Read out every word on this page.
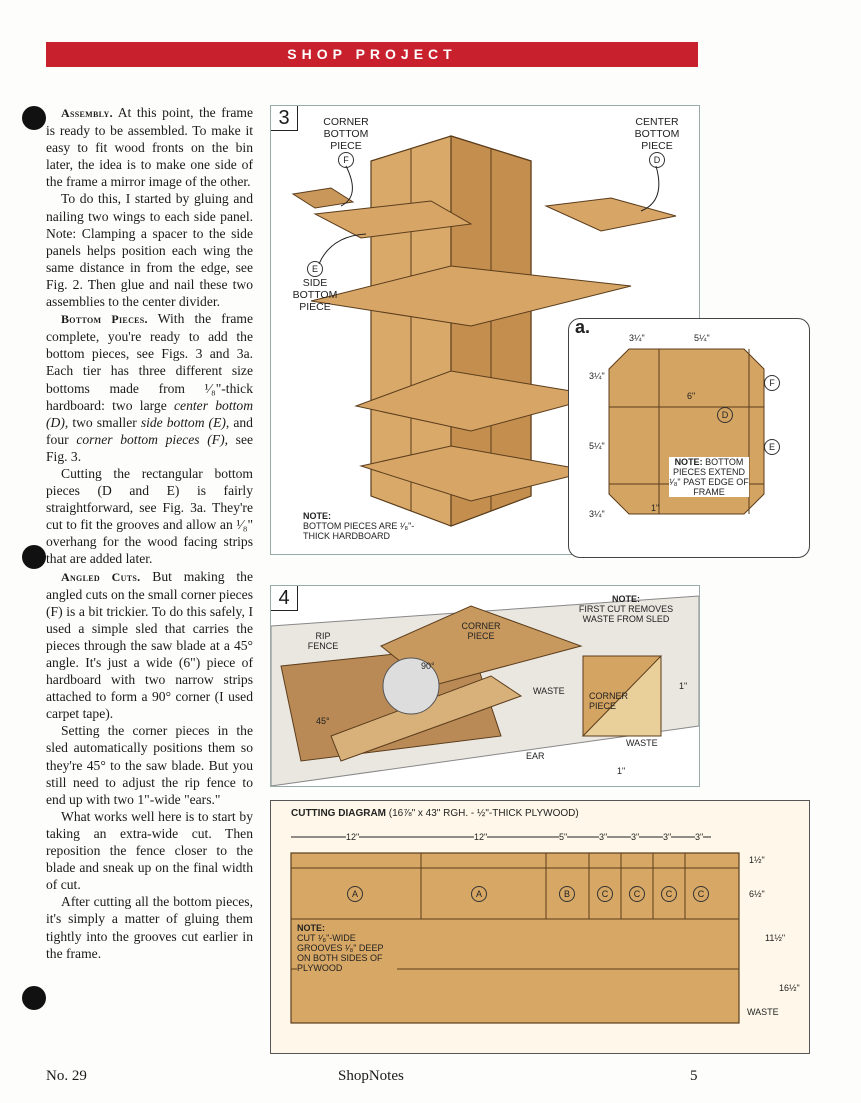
SHOP PROJECT

Assembly. At this point, the frame is ready to be assembled. To make it easy to fit wood fronts on the bin later, the idea is to make one side of the frame a mirror image of the other.

To do this, I started by gluing and nailing two wings to each side panel. Note: Clamping a spacer to the side panels helps position each wing the same distance in from the edge, see Fig. 2. Then glue and nail these two assemblies to the center divider.

Bottom Pieces. With the frame complete, you're ready to add the bottom pieces, see Figs. 3 and 3a. Each tier has three different size bottoms made from ¹⁄₈"-thick hardboard: two large center bottom (D), two smaller side bottom (E), and four corner bottom pieces (F), see Fig. 3.

Cutting the rectangular bottom pieces (D and E) is fairly straightforward, see Fig. 3a. They're cut to fit the grooves and allow an ¹⁄₈" overhang for the wood facing strips that are added later.

Angled Cuts. But making the angled cuts on the small corner pieces (F) is a bit trickier. To do this safely, I used a simple sled that carries the pieces through the saw blade at a 45° angle. It's just a wide (6") piece of hardboard with two narrow strips attached to form a 90° corner (I used carpet tape).

Setting the corner pieces in the sled automatically positions them so they're 45° to the saw blade. But you still need to adjust the rip fence to end up with two 1"-wide "ears."

What works well here is to start by taking an extra-wide cut. Then reposition the fence closer to the blade and sneak up on the final width of cut.

After cutting all the bottom pieces, it's simply a matter of gluing them tightly into the grooves cut earlier in the frame.

3	CORNER BOTTOM PIECE
F
CENTER BOTTOM PIECE
D
E
SIDE BOTTOM PIECE
NOTE:
BOTTOM PIECES ARE ¹⁄₈"-THICK HARDBOARD
a.
3¼"	5¼"
3¼"
5¼"
3¼"
6"
1"
F
D
E
NOTE: BOTTOM PIECES EXTEND ¹⁄₈" PAST EDGE OF FRAME
4
RIP FENCE
CORNER PIECE
90°
45°
WASTE
EAR
NOTE:
FIRST CUT REMOVES WASTE FROM SLED
CORNER PIECE
WASTE
1"
1"
CUTTING DIAGRAM (16⅞" x 43" RGH. - ½"-THICK PLYWOOD)
12"	12"	5"	3"	3"	3"	3"
A	A	B	C	C	C	C
1½"
6½"
11½"
16½"
WASTE
NOTE:
CUT ¹⁄₈"-WIDE GROOVES ¹⁄₈" DEEP ON BOTH SIDES OF PLYWOOD
No. 29	ShopNotes	5
